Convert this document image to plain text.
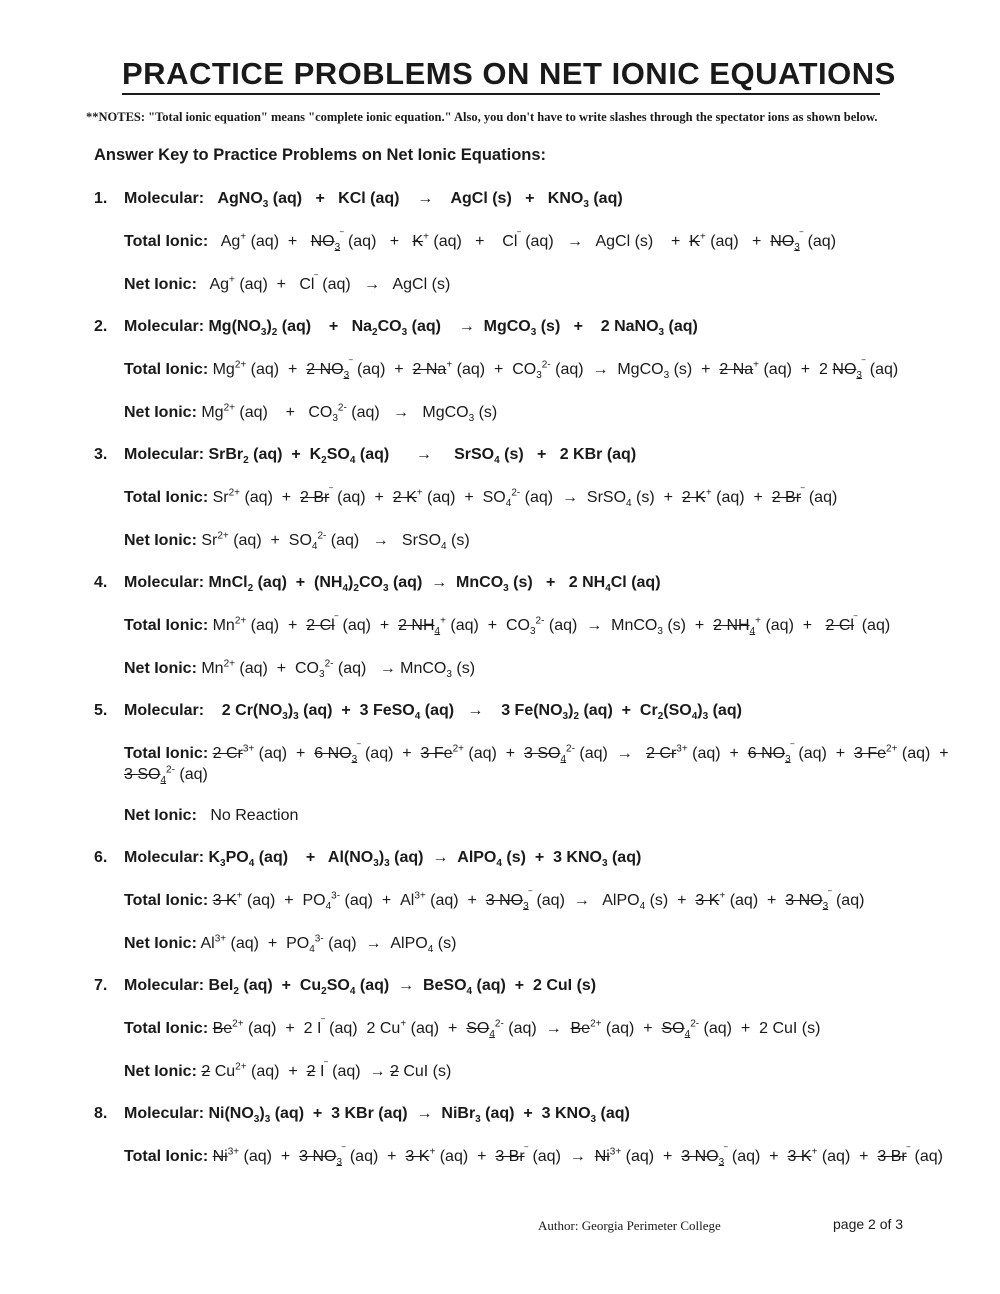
PRACTICE PROBLEMS ON NET IONIC EQUATIONS
**NOTES: "Total ionic equation" means "complete ionic equation." Also, you don't have to write slashes through the spectator ions as shown below.
Answer Key to Practice Problems on Net Ionic Equations:
1. Molecular: AgNO$_3$ (aq)   +   KCl (aq)    →    AgCl $(s) + KNO_3$ (aq)
Total Ionic: Ag+ $(aq) + NO_3^‾$ (aq)   +   K+ (aq)   +    Cl‾ (aq)   →   AgCl (s)    +  K+ $(aq) + NO_3^‾$ (aq)
Net Ionic: Ag+ (aq)  +   Cl‾ (aq)   →   AgCl (s)
2. Molecular: $Mg(NO_3)_2$ (aq)    +   $Na_2CO_3$ (aq)    →  MgCO$_3$ (s)   +    2 NaNO$_3$ (aq)
Total Ionic: $Mg^{2+}$ (aq)  +  2 $NO_3^‾$ (aq)  +  2 Na+ $(aq) + CO_3^{2-}$ (aq)  →  MgCO$_3$ (s)  +  2 Na+ (aq)  +  2 $NO_3^‾$ (aq)
Net Ionic: $Mg^{2+}$ (aq)    +   $CO_3^{2-}$ (aq)   →   MgCO$_3$ (s)
3. Molecular: SrBr$_2$ $(aq) + K_2SO_4$ (aq)      →     SrSO$_4$ (s)   +   2 KBr (aq)
Total Ionic: $Sr^{2+}$ (aq)  +  2 Br‾ (aq)  +  2 K+ $(aq) + SO_4^{2-}$ (aq)  →  SrSO$_4$ (s)  +  2 K+ (aq)  +  2 Br‾ (aq)
Net Ionic: $Sr^{2+}$ $(aq) + SO_4^{2-}$ (aq)   →   SrSO$_4$ (s)
4. Molecular: MnCl$_2$ $(aq) + (NH_4)_2CO_3$ (aq)  →  MnCO$_3$ (s)   +   2 $NH_4Cl$ (aq)
Total Ionic: $Mn^{2+}$ (aq)  +  2 Cl‾ (aq)  +  2 $NH_4^+$ $(aq) + CO_3^{2-}$ (aq)  →  MnCO$_3$ (s)  +  2 $NH_4^+$ (aq)  +   2 Cl‾ (aq)
Net Ionic: $Mn^{2+}$ $(aq) + CO_3^{2-}$ (aq)   → MnCO$_3$ (s)
5. Molecular:    2 $Cr(NO_3)_3$ (aq)  +  3 FeSO$_4$ (aq)   →    3 $Fe(NO_3)_2$ $(aq) + Cr_2(SO_4)_3$ (aq)
Total Ionic: 2 $Cr^{3+}$ (aq)  +  6 $NO_3^‾$ (aq)  +  3 $Fe^{2+}$ (aq)  +  3 $SO_4^{2-}$ (aq)  →   2 $Cr^{3+}$ (aq)  +  6 $NO_3^‾$ (aq)  +  3 $Fe^{2+}$ (aq)  +
3 $SO_4^{2-}$ (aq)
Net Ionic: No Reaction
6. Molecular: $K_3PO_4$ (aq)    +   $Al(NO_3)_3$ (aq)  →  AlPO$_4$ (s)  +  3 $KNO_3$ (aq)
Total Ionic: 3 K+ $(aq) + PO_4^{3-}$ $(aq) + Al^{3+}$ (aq)  +  3 $NO_3^‾$ (aq)  →   AlPO$_4$ (s)  +  3 K+ (aq)  +  3 $NO_3^‾$ (aq)
Net Ionic: $Al^{3+}$ $(aq) + PO_4^{3-}$ (aq)  →  AlPO$_4$ (s)
7. Molecular: BeI$_2$ $(aq) + Cu_2SO_4$ (aq)  →  BeSO$_4$ (aq)  +  2 CuI (s)
Total Ionic: $Be^{2+}$ (aq)  +  2 I‾ (aq)  2 Cu+ $(aq) + SO_4^{2-}$ $(aq) \to Be^{2+}$ $(aq) + SO_4^{2-}$ (aq)  +  2 CuI (s)
Net Ionic: 2 $Cu^{2+}$ (aq)  +  2 I‾ (aq)  → 2 CuI (s)
8. Molecular: $Ni(NO_3)_3$ (aq)  +  3 KBr (aq)  →  NiBr$_3$ (aq)  +  3 $KNO_3$ (aq)
Total Ionic: $Ni^{3+}$ (aq)  +  3 $NO_3^‾$ (aq)  +  3 K+ (aq)  +  3 Br‾ $(aq) \to Ni^{3+}$ (aq)  +  3 $NO_3^‾$ (aq)  +  3 K+ (aq)  +  3 Br‾ (aq)
Author: Georgia Perimeter College	page 2 of 3
